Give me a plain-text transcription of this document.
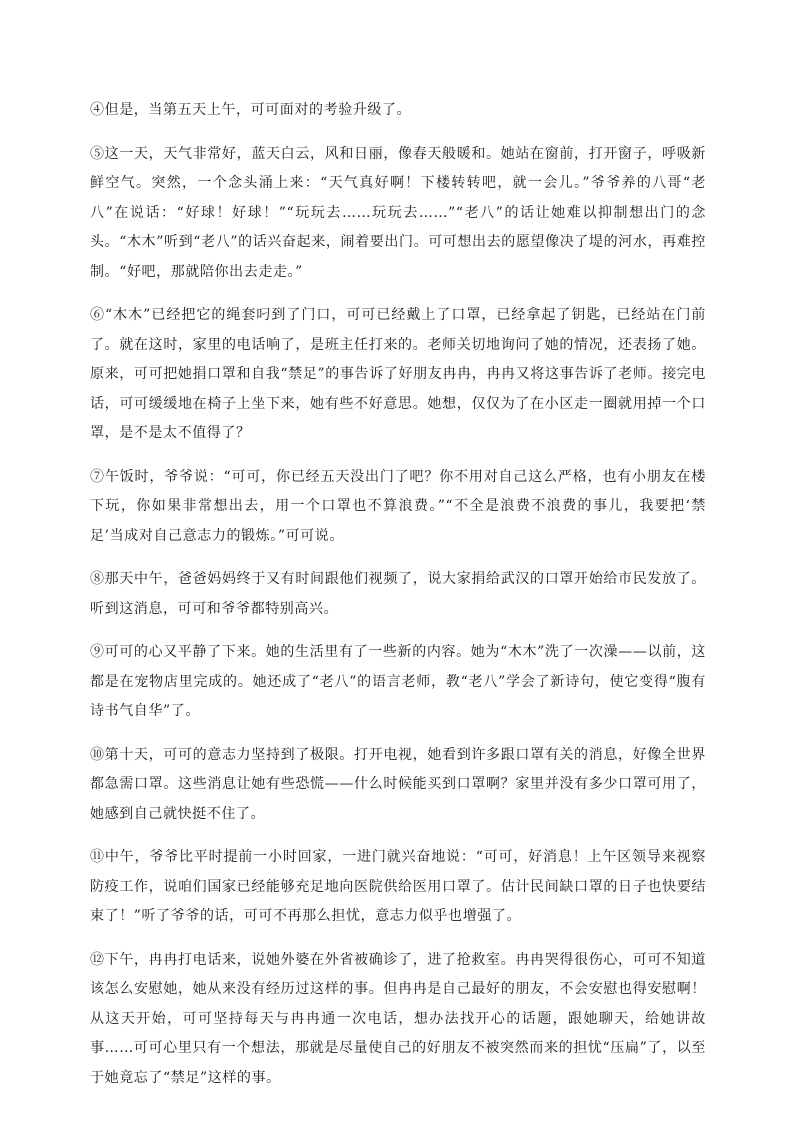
④但是，当第五天上午，可可面对的考验升级了。

⑤这一天，天气非常好，蓝天白云，风和日丽，像春天般暖和。她站在窗前，打开窗子，呼吸新鲜空气。突然，一个念头涌上来：“天气真好啊！下楼转转吧，就一会儿。”爷爷养的八哥“老八”在说话：“好球！好球！”“玩玩去……玩玩去……”“老八”的话让她难以抑制想出门的念头。“木木”听到“老八”的话兴奋起来，闹着要出门。可可想出去的愿望像决了堤的河水，再难控制。“好吧，那就陪你出去走走。”

⑥“木木”已经把它的绳套叼到了门口，可可已经戴上了口罩，已经拿起了钥匙，已经站在门前了。就在这时，家里的电话响了，是班主任打来的。老师关切地询问了她的情况，还表扬了她。原来，可可把她捐口罩和自我“禁足”的事告诉了好朋友冉冉，冉冉又将这事告诉了老师。接完电话，可可缓缓地在椅子上坐下来，她有些不好意思。她想，仅仅为了在小区走一圈就用掉一个口罩，是不是太不值得了？

⑦午饭时，爷爷说：“可可，你已经五天没出门了吧？你不用对自己这么严格，也有小朋友在楼下玩，你如果非常想出去，用一个口罩也不算浪费。”“不全是浪费不浪费的事儿，我要把‘禁足’当成对自己意志力的锻炼。”可可说。

⑧那天中午，爸爸妈妈终于又有时间跟他们视频了，说大家捐给武汉的口罩开始给市民发放了。听到这消息，可可和爷爷都特别高兴。

⑨可可的心又平静了下来。她的生活里有了一些新的内容。她为“木木”洗了一次澡——以前，这都是在宠物店里完成的。她还成了“老八”的语言老师，教“老八”学会了新诗句，使它变得“腹有诗书气自华”了。

⑩第十天，可可的意志力坚持到了极限。打开电视，她看到许多跟口罩有关的消息，好像全世界都急需口罩。这些消息让她有些恐慌——什么时候能买到口罩啊？家里并没有多少口罩可用了，她感到自己就快挺不住了。

⑪中午，爷爷比平时提前一小时回家，一进门就兴奋地说：“可可，好消息！上午区领导来视察防疫工作，说咱们国家已经能够充足地向医院供给医用口罩了。估计民间缺口罩的日子也快要结束了！”听了爷爷的话，可可不再那么担忧，意志力似乎也增强了。

⑫下午，冉冉打电话来，说她外婆在外省被确诊了，进了抢救室。冉冉哭得很伤心，可可不知道该怎么安慰她，她从来没有经历过这样的事。但冉冉是自己最好的朋友，不会安慰也得安慰啊！从这天开始，可可坚持每天与冉冉通一次电话，想办法找开心的话题，跟她聊天，给她讲故事……可可心里只有一个想法，那就是尽量使自己的好朋友不被突然而来的担忧“压扁”了，以至于她竟忘了“禁足”这样的事。
